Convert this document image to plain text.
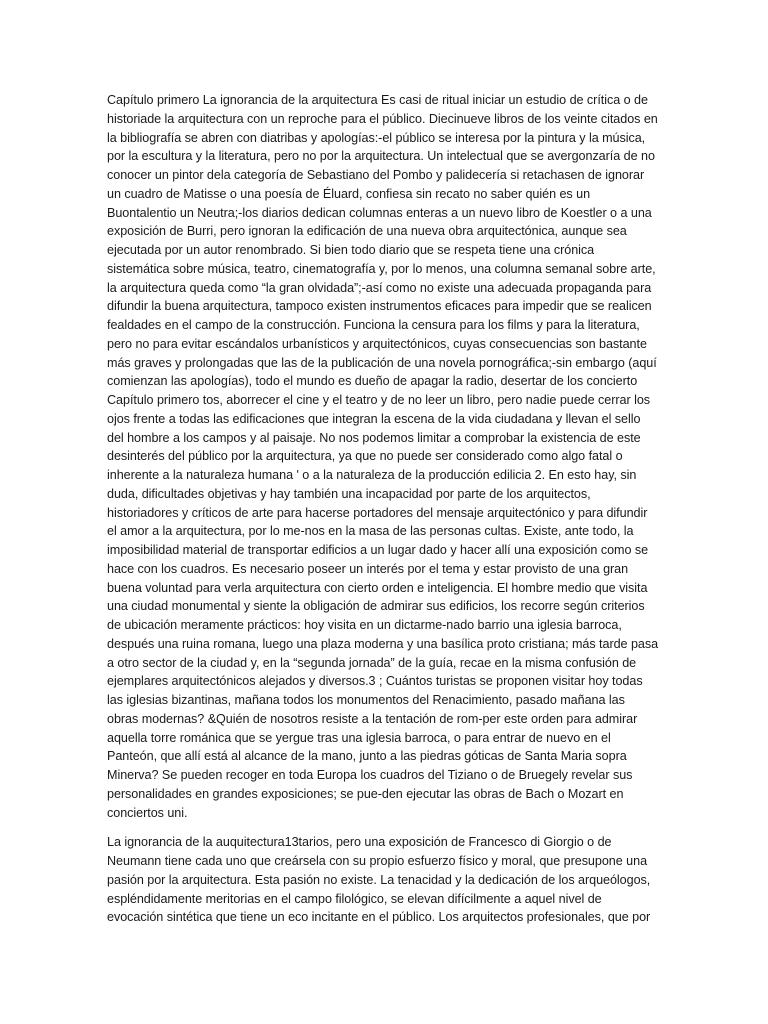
Capítulo primero La ignorancia de la arquitectura Es casi de ritual iniciar un estudio de crítica o de historiade la arquitectura con un reproche para el público. Diecinueve libros de los veinte citados en la bibliografía se abren con diatribas y apologías:-el público se interesa por la pintura y la música, por la escultura y la literatura, pero no por la arquitectura. Un intelectual que se avergonzaría de no conocer un pintor dela categoría de Sebastiano del Pombo y palidecería si retachasen de ignorar un cuadro de Matisse o una poesía de Éluard, confiesa sin recato no saber quién es un Buontalentio un Neutra;-los diarios dedican columnas enteras a un nuevo libro de Koestler o a una exposición de Burri, pero ignoran la edificación de una nueva obra arquitectónica, aunque sea ejecutada por un autor renombrado. Si bien todo diario que se respeta tiene una crónica sistemática sobre música, teatro, cinematografía y, por lo menos, una columna semanal sobre arte, la arquitectura queda como “la gran olvidada”;-así como no existe una adecuada propaganda para difundir la buena arquitectura, tampoco existen instrumentos eficaces para impedir que se realicen fealdades en el campo de la construcción. Funciona la censura para los films y para la literatura, pero no para evitar escándalos urbanísticos y arquitectónicos, cuyas consecuencias son bastante más graves y prolongadas que las de la publicación de una novela pornográfica;-sin embargo (aquí comienzan las apologías), todo el mundo es dueño de apagar la radio, desertar de los concierto Capítulo primero tos, aborrecer el cine y el teatro y de no leer un libro, pero nadie puede cerrar los ojos frente a todas las edificaciones que integran la escena de la vida ciudadana y llevan el sello del hombre a los campos y al paisaje. No nos podemos limitar a comprobar la existencia de este desinterés del público por la arquitectura, ya que no puede ser considerado como algo fatal o inherente a la naturaleza humana ' o a la naturaleza de la producción edilicia 2. En esto hay, sin duda, dificultades objetivas y hay también una incapacidad por parte de los arquitectos, historiadores y críticos de arte para hacerse portadores del mensaje arquitectónico y para difundir el amor a la arquitectura, por lo me-nos en la masa de las personas cultas. Existe, ante todo, la imposibilidad material de transportar edificios a un lugar dado y hacer allí una exposición como se hace con los cuadros. Es necesario poseer un interés por el tema y estar provisto de una gran buena voluntad para verla arquitectura con cierto orden e inteligencia. El hombre medio que visita una ciudad monumental y siente la obligación de admirar sus edificios, los recorre según criterios de ubicación meramente prácticos: hoy visita en un dictarme-nado barrio una iglesia barroca, después una ruina romana, luego una plaza moderna y una basílica proto cristiana; más tarde pasa a otro sector de la ciudad y, en la “segunda jornada” de la guía, recae en la misma confusión de ejemplares arquitectónicos alejados y diversos.3 ; Cuántos turistas se proponen visitar hoy todas las iglesias bizantinas, mañana todos los monumentos del Renacimiento, pasado mañana las obras modernas? &Quién de nosotros resiste a la tentación de rom-per este orden para admirar aquella torre románica que se yergue tras una iglesia barroca, o para entrar de nuevo en el Panteón, que allí está al alcance de la mano, junto a las piedras góticas de Santa Maria sopra Minerva? Se pueden recoger en toda Europa los cuadros del Tiziano o de Bruegely revelar sus personalidades en grandes exposiciones; se pue-den ejecutar las obras de Bach o Mozart en conciertos uni.

La ignorancia de la auquitectura13tarios, pero una exposición de Francesco di Giorgio o de Neumann tiene cada uno que creársela con su propio esfuerzo físico y moral, que presupone una pasión por la arquitectura. Esta pasión no existe. La tenacidad y la dedicación de los arqueólogos, espléndidamente meritorias en el campo filológico, se elevan difícilmente a aquel nivel de evocación sintética que tiene un eco incitante en el público. Los arquitectos profesionales, que por
